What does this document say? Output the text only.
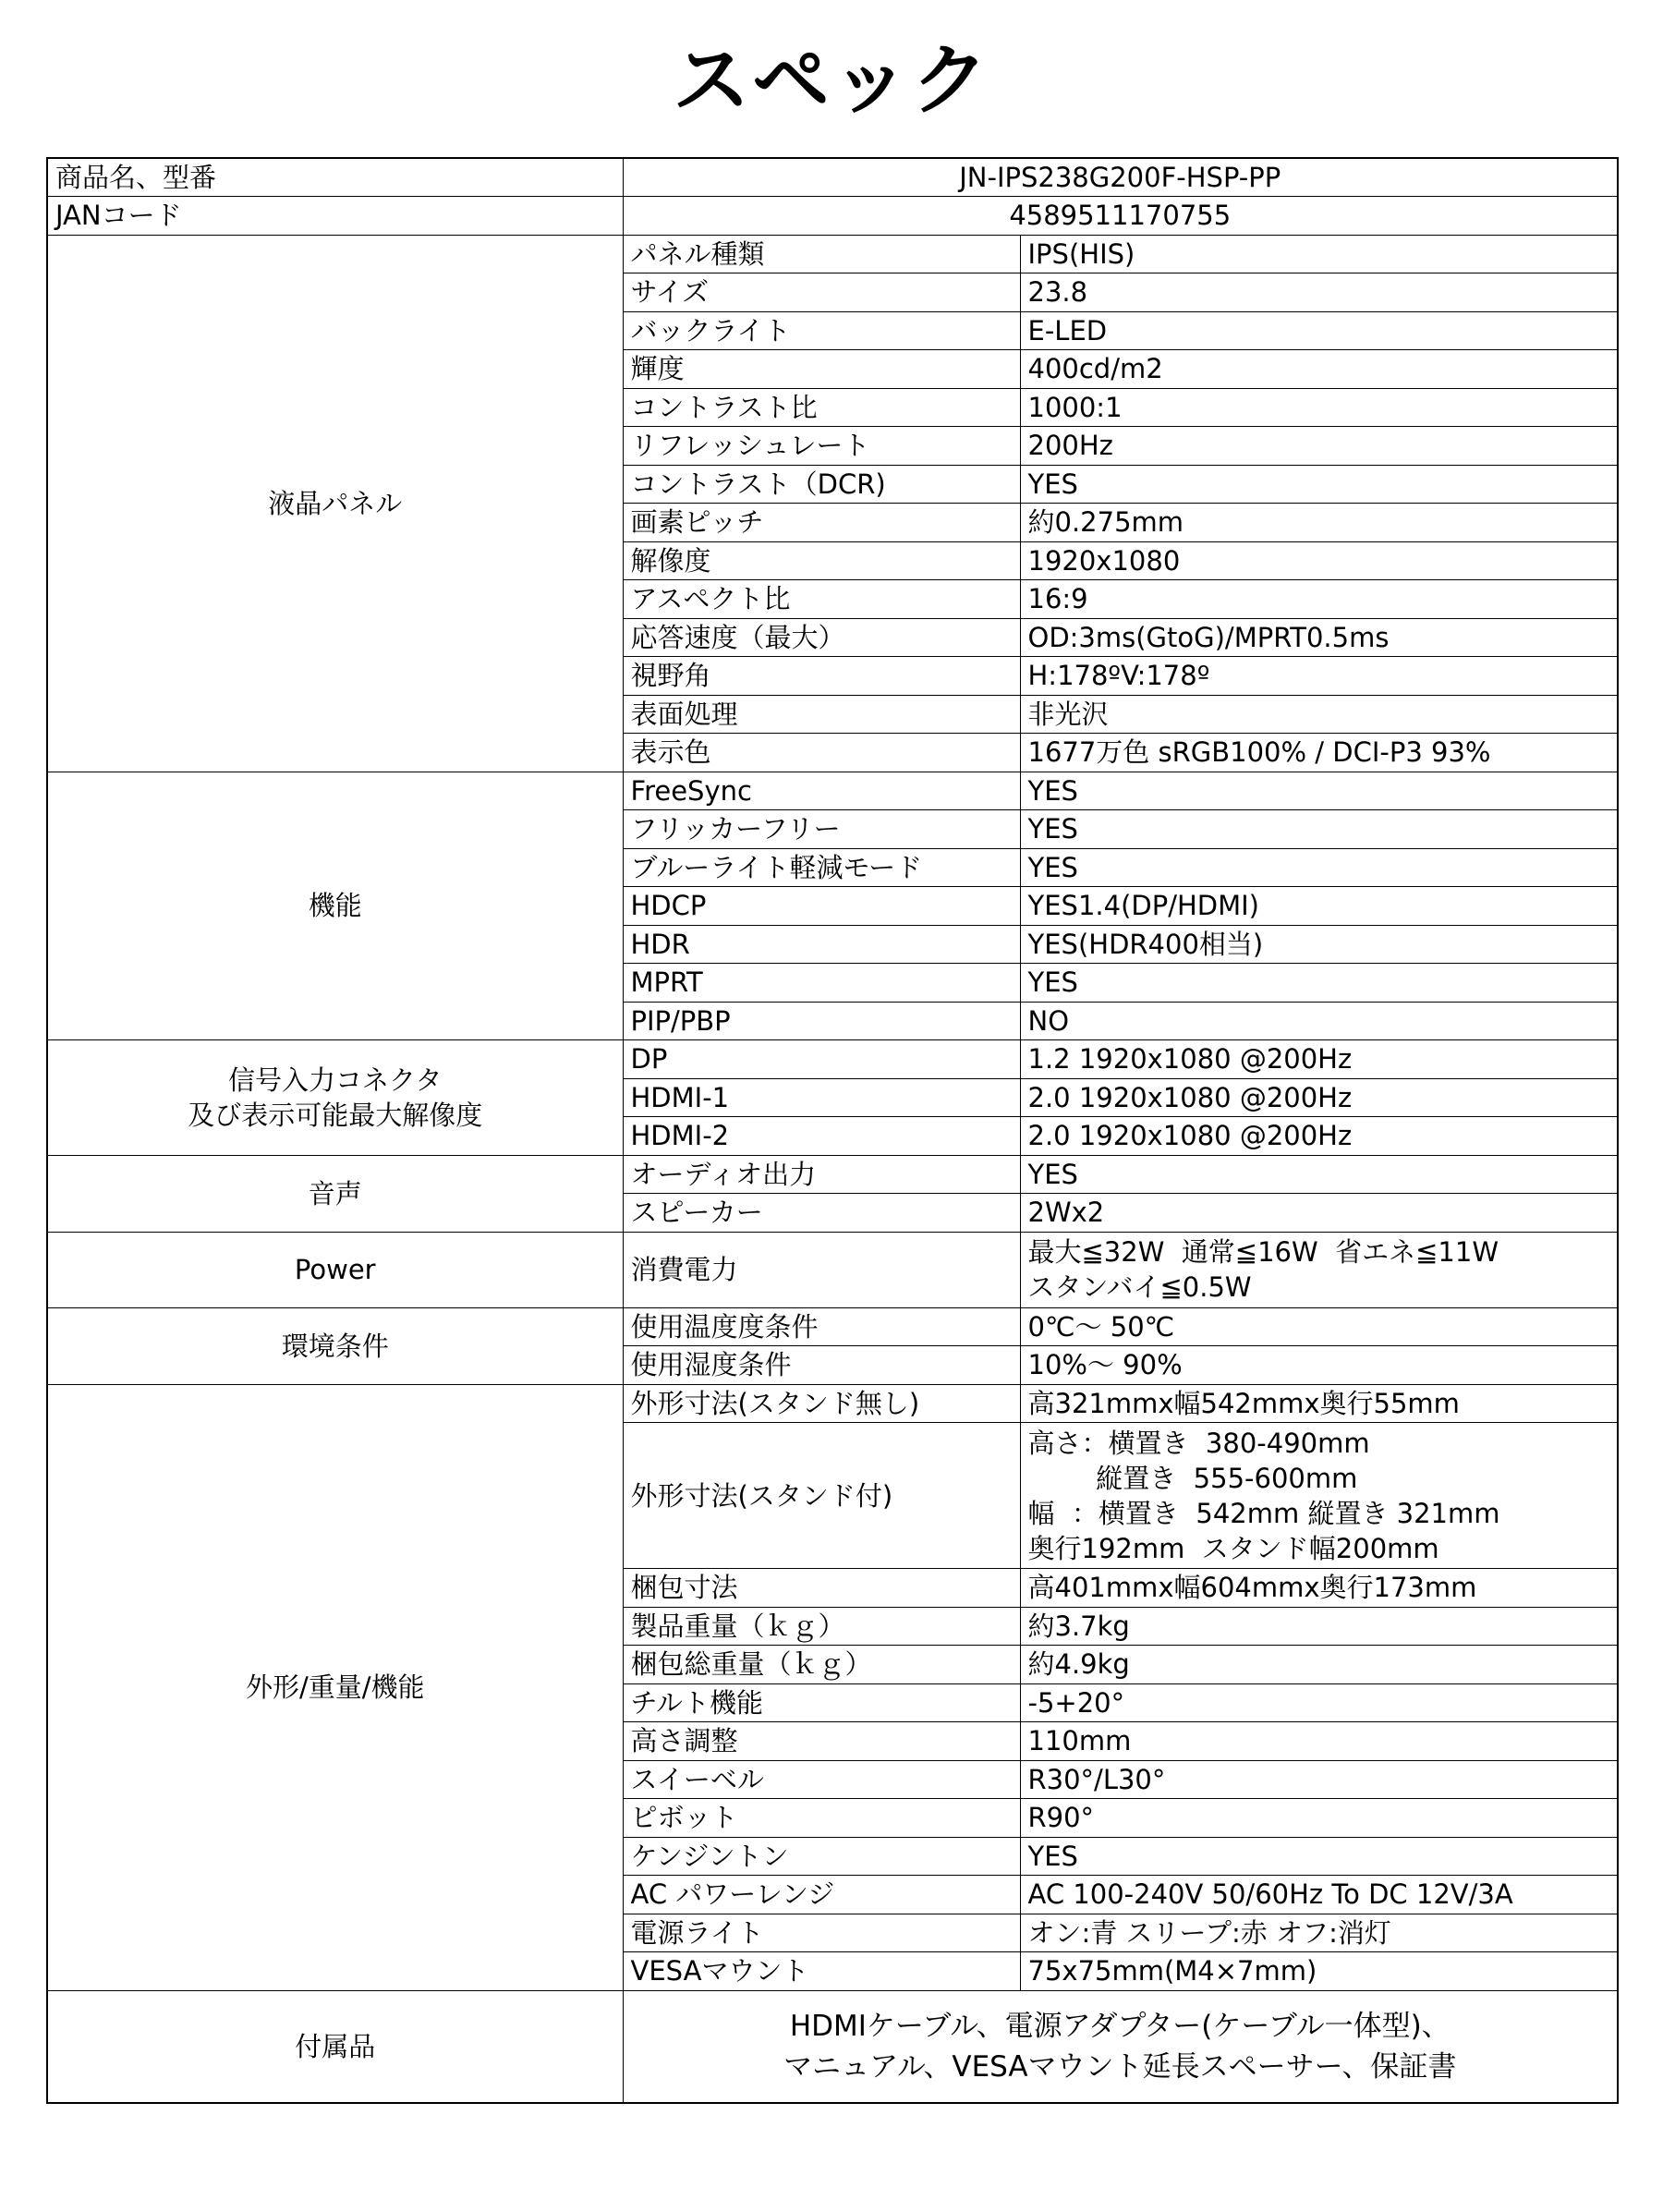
スペック
商品名、型番	JN-IPS238G200F-HSP-PP	
JANコード	4589511170755	

液晶パネル	パネル種類	IPS(HIS)
	サイズ	23.8
	バックライト	E-LED
	輝度	400cd/m2
	コントラスト比	1000:1
	リフレッシュレート	200Hz
	コントラスト（DCR)	YES
	画素ピッチ	約0.275mm
	解像度	1920x1080
	アスペクト比	16:9
	応答速度（最大）	OD:3ms(GtoG)/MPRT0.5ms
	視野角	H:178ºV:178º
	表面処理	非光沢
	表示色	1677万色 sRGB100% / DCI-P3 93%

機能	FreeSync	YES
	フリッカーフリー	YES
	ブルーライト軽減モード	YES
	HDCP	YES1.4(DP/HDMI)
	HDR	YES(HDR400相当)
	MPRT	YES
	PIP/PBP	NO

信号入力コネクタ
及び表示可能最大解像度	DP	1.2 1920x1080 @200Hz
	HDMI-1	2.0 1920x1080 @200Hz
	HDMI-2	2.0 1920x1080 @200Hz

音声	オーディオ出力	YES
	スピーカー	2Wx2

Power	消費電力	最大≦32W  通常≦16W  省エネ≦11W
スタンバイ≦0.5W

環境条件	使用温度度条件	0℃～ 50℃
	使用湿度条件	10%～ 90%

外形/重量/機能	外形寸法(スタンド無し)	高321mmx幅542mmx奥行55mm
	外形寸法(スタンド付)	高さ：横置き  380-490mm
縦置き  555-600mm
幅  ：横置き  542mm 縦置き 321mm
奥行192mm  スタンド幅200mm

	梱包寸法	高401mmx幅604mmx奥行173mm
	製品重量（ｋｇ）	約3.7kg
	梱包総重量（ｋｇ）	約4.9kg
	チルト機能	-5+20°
	高さ調整	110mm
	スイーベル	R30°/L30°
	ピボット	R90°
	ケンジントン	YES
	AC パワーレンジ	AC 100-240V 50/60Hz To DC 12V/3A
	電源ライト	オン:青 スリープ:赤 オフ:消灯
	VESAマウント	75x75mm(M4×7mm)
付属品	HDMIケーブル、電源アダプター(ケーブル一体型)、
マニュアル、VESAマウント延長スペーサー、保証書	
